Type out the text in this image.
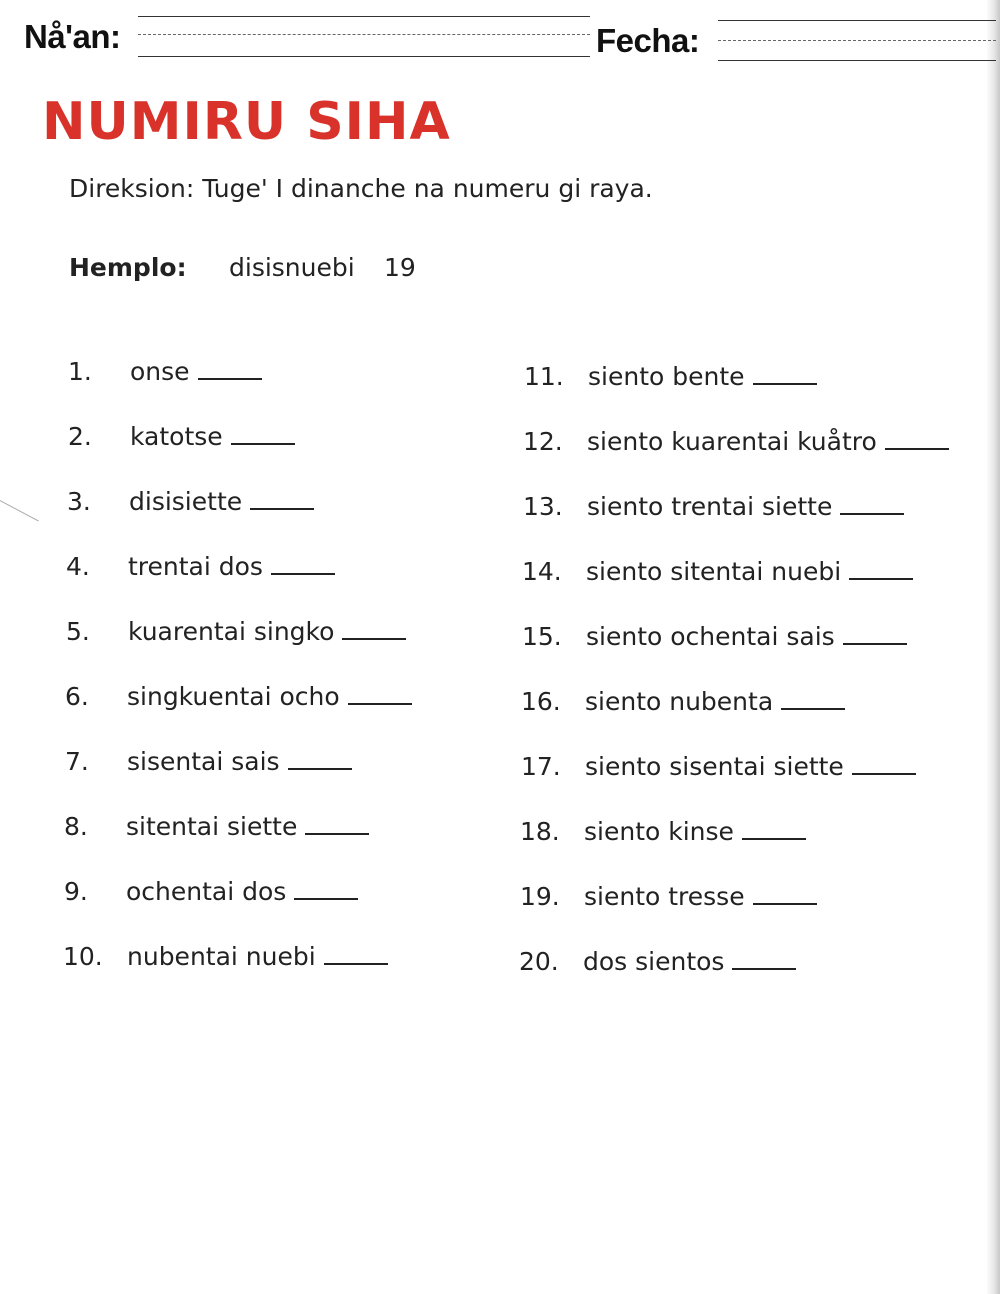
Nå'an:	Fecha:
NUMIRU SIHA
Direksion: Tuge' I dinanche na numeru gi raya.
Hemplo: disisnuebi 19
1. onse
2. katotse
3. disisiette
4. trentai dos
5. kuarentai singko
6. singkuentai ocho
7. sisentai sais
8. sitentai siette
9. ochentai dos
10. nubentai nuebi
11. siento bente
12. siento kuarentai kuåtro
13. siento trentai siette
14. siento sitentai nuebi
15. siento ochentai sais
16. siento nubenta
17. siento sisentai siette
18. siento kinse
19. siento tresse
20. dos sientos
